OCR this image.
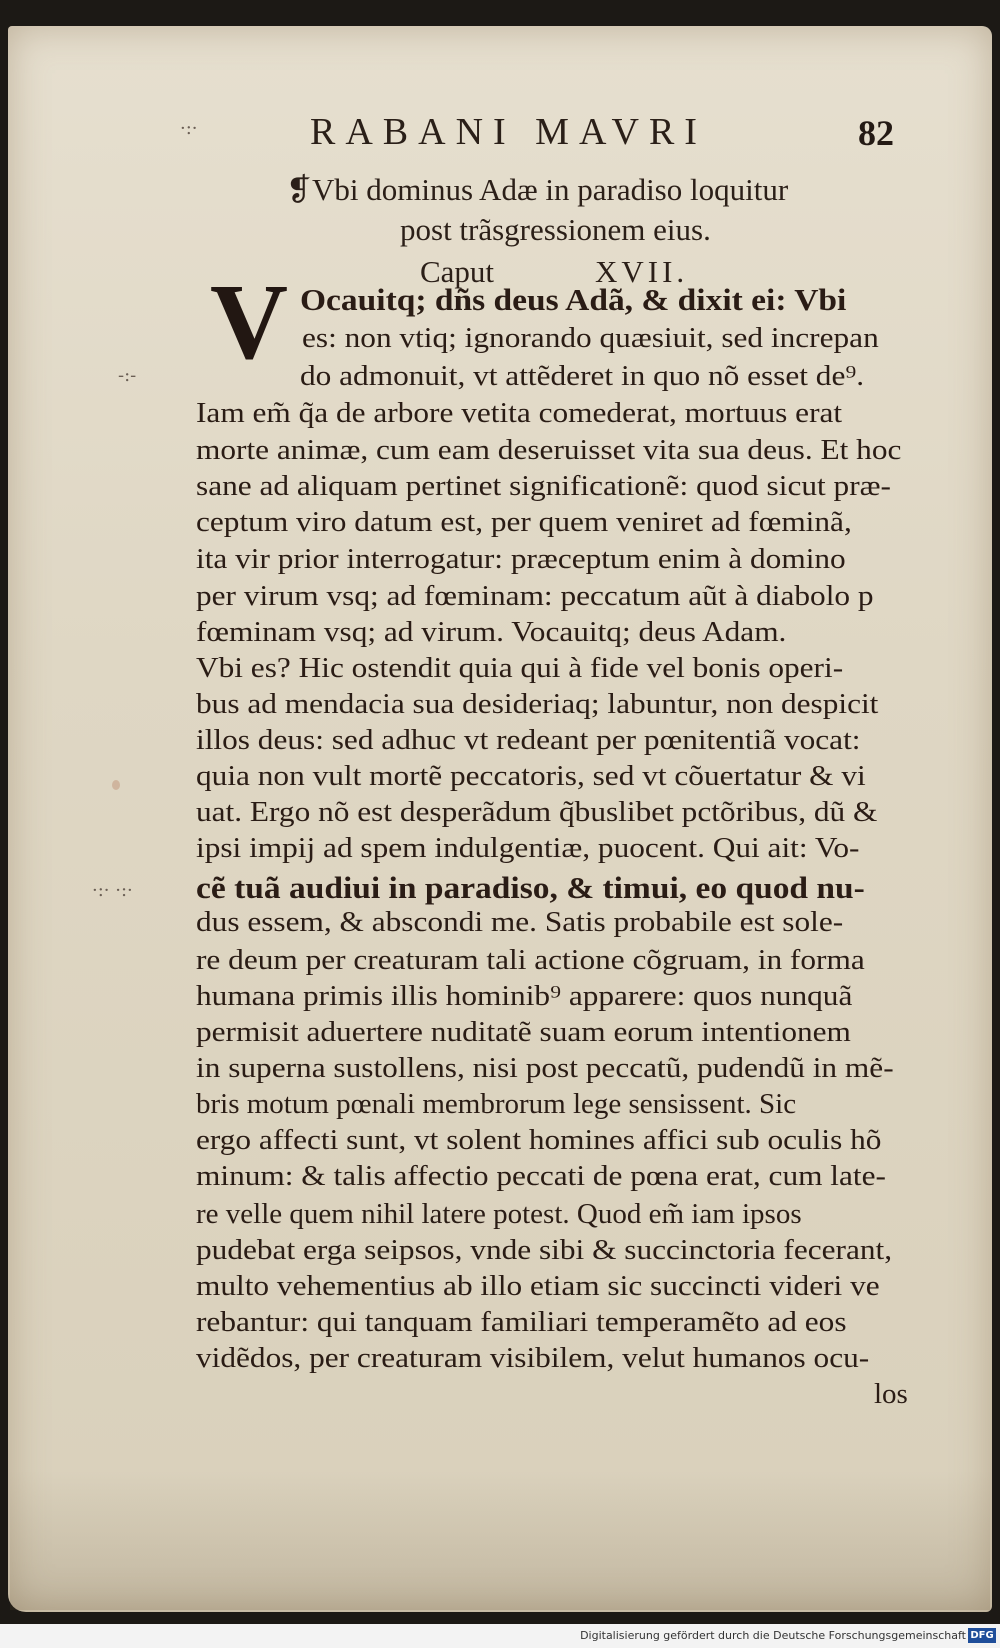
·:·
·:· ·:·
-:-
RABANI MAVRI	82
❡Vbi dominus Adæ in paradiso loquitur
post trãsgressionem eius.
Caput	XVII.
V Ocauitq; dñs deus Adã, & dixit ei: Vbi
es: non vtiq; ignorando quæsiuit, sed increpan
do admonuit, vt attẽderet in quo nõ esset de⁹.
Iam em̃ q̃a de arbore vetita comederat, mortuus erat
morte animæ, cum eam deseruisset vita sua deus. Et hoc
sane ad aliquam pertinet significationẽ: quod sicut præ-
ceptum viro datum est, per quem veniret ad fœminã,
ita vir prior interrogatur: præceptum enim à domino
per virum vsq; ad fœminam: peccatum aũt à diabolo p
fœminam vsq; ad virum. Vocauitq; deus Adam.
Vbi es? Hic ostendit quia qui à fide vel bonis operi-
bus ad mendacia sua desideriaq; labuntur, non despicit
illos deus: sed adhuc vt redeant per pœnitentiã vocat:
quia non vult mortẽ peccatoris, sed vt cõuertatur & vi
uat. Ergo nõ est desperãdum q̃buslibet pctõribus, dũ &
ipsi impij ad spem indulgentiæ, puocent. Qui ait: Vo-
cẽ tuã audiui in paradiso, & timui, eo quod nu-
dus essem, & abscondi me. Satis probabile est sole-
re deum per creaturam tali actione cõgruam, in forma
humana primis illis hominib⁹ apparere: quos nunquã
permisit aduertere nuditatẽ suam eorum intentionem
in superna sustollens, nisi post peccatũ, pudendũ in mẽ-
bris motum pœnali membrorum lege sensissent. Sic
ergo affecti sunt, vt solent homines affici sub oculis hõ
minum: & talis affectio peccati de pœna erat, cum late-
re velle quem nihil latere potest. Quod em̃ iam ipsos
pudebat erga seipsos, vnde sibi & succinctoria fecerant,
multo vehementius ab illo etiam sic succincti videri ve
rebantur: qui tanquam familiari temperamẽto ad eos
vidẽdos, per creaturam visibilem, velut humanos ocu-
los
Digitalisierung gefördert durch die Deutsche Forschungsgemeinschaft DFG
